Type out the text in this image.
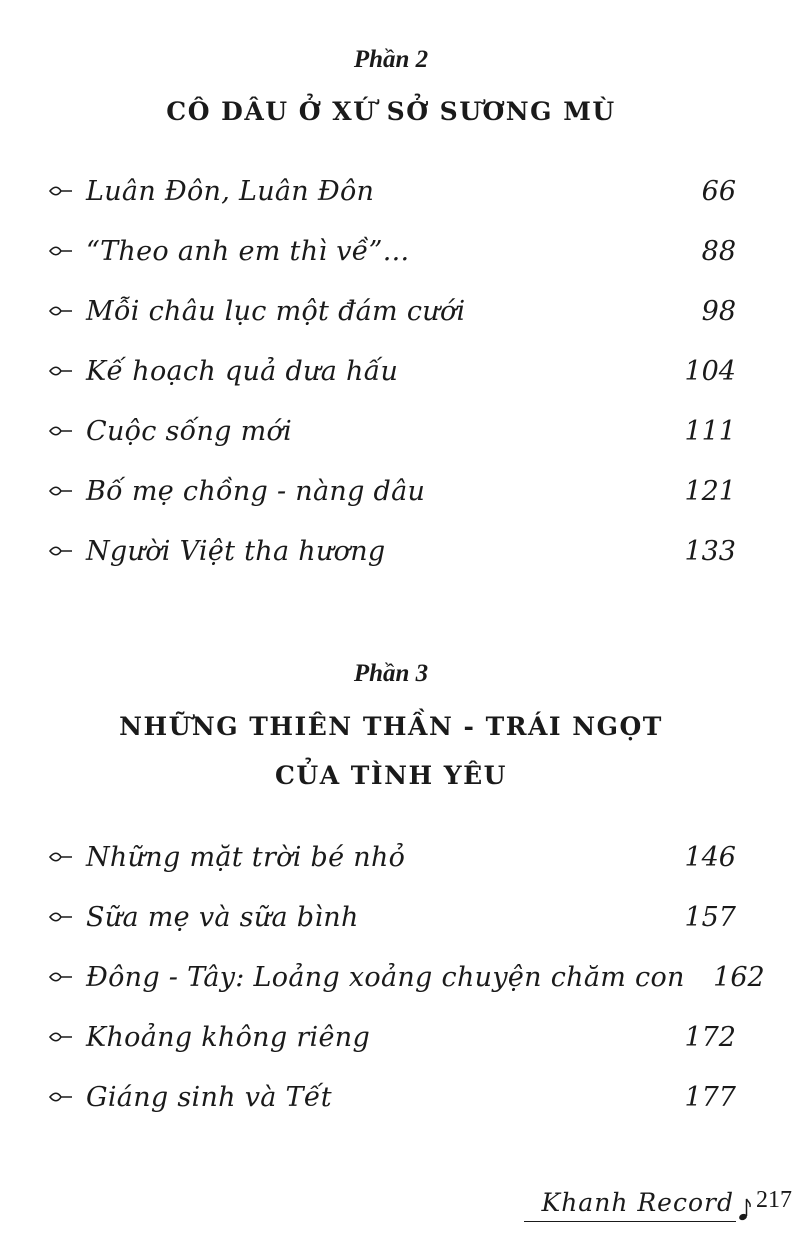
Phần 2
CÔ DÂU Ở XỨ SỞ SƯƠNG MÙ
Luân Đôn, Luân Đôn	66
“Theo anh em thì về”...	88
Mỗi châu lục một đám cưới	98
Kế hoạch quả dưa hấu	104
Cuộc sống mới	111
Bố mẹ chồng - nàng dâu	121
Người Việt tha hương	133
Phần 3
NHỮNG THIÊN THẦN - TRÁI NGỌT
CỦA TÌNH YÊU
Những mặt trời bé nhỏ	146
Sữa mẹ và sữa bình	157
Đông - Tây: Loảng xoảng chuyện chăm con	162
Khoảng không riêng	172
Giáng sinh và Tết	177
Khanh Record 217
